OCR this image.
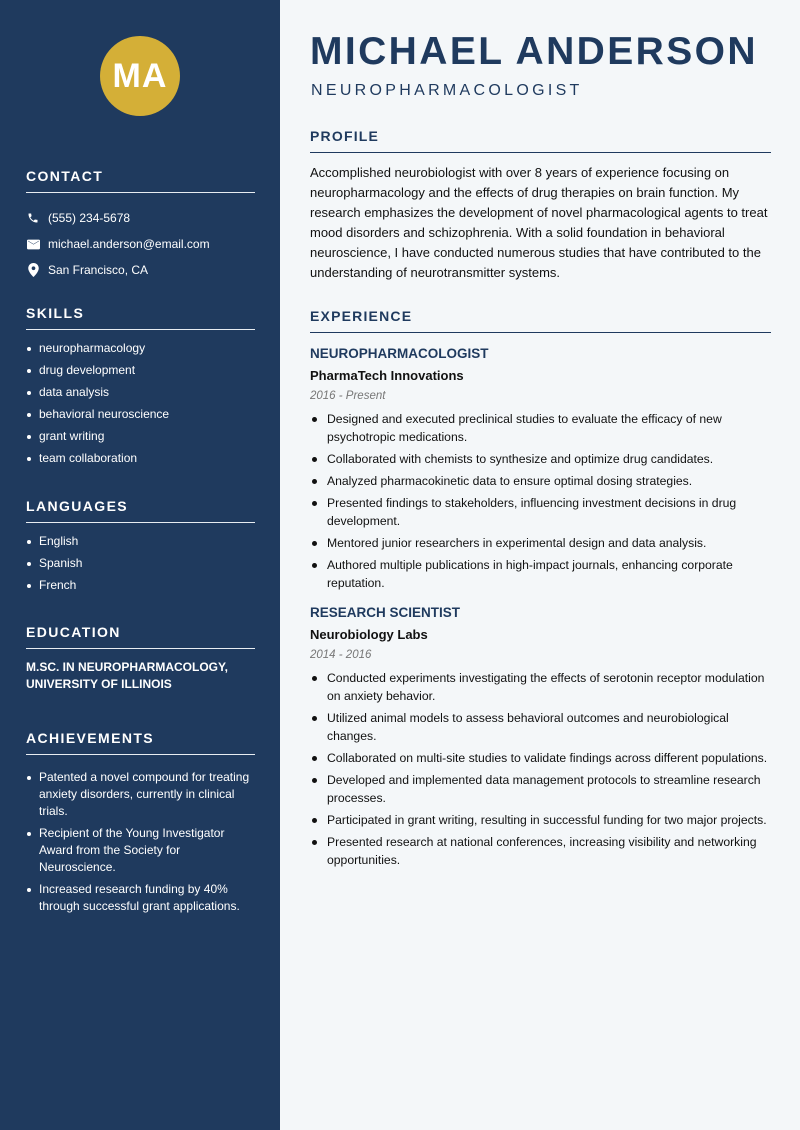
MA
CONTACT
(555) 234-5678
michael.anderson@email.com
San Francisco, CA
SKILLS
neuropharmacology
drug development
data analysis
behavioral neuroscience
grant writing
team collaboration
LANGUAGES
English
Spanish
French
EDUCATION
M.SC. IN NEUROPHARMACOLOGY, UNIVERSITY OF ILLINOIS
ACHIEVEMENTS
Patented a novel compound for treating anxiety disorders, currently in clinical trials.
Recipient of the Young Investigator Award from the Society for Neuroscience.
Increased research funding by 40% through successful grant applications.
MICHAEL ANDERSON
NEUROPHARMACOLOGIST
PROFILE

Accomplished neurobiologist with over 8 years of experience focusing on neuropharmacology and the effects of drug therapies on brain function. My research emphasizes the development of novel pharmacological agents to treat mood disorders and schizophrenia. With a solid foundation in behavioral neuroscience, I have conducted numerous studies that have contributed to the understanding of neurotransmitter systems.

EXPERIENCE
NEUROPHARMACOLOGIST
PharmaTech Innovations
2016 - Present
Designed and executed preclinical studies to evaluate the efficacy of new psychotropic medications.
Collaborated with chemists to synthesize and optimize drug candidates.
Analyzed pharmacokinetic data to ensure optimal dosing strategies.
Presented findings to stakeholders, influencing investment decisions in drug development.
Mentored junior researchers in experimental design and data analysis.
Authored multiple publications in high-impact journals, enhancing corporate reputation.
RESEARCH SCIENTIST
Neurobiology Labs
2014 - 2016
Conducted experiments investigating the effects of serotonin receptor modulation on anxiety behavior.
Utilized animal models to assess behavioral outcomes and neurobiological changes.
Collaborated on multi-site studies to validate findings across different populations.
Developed and implemented data management protocols to streamline research processes.
Participated in grant writing, resulting in successful funding for two major projects.
Presented research at national conferences, increasing visibility and networking opportunities.
